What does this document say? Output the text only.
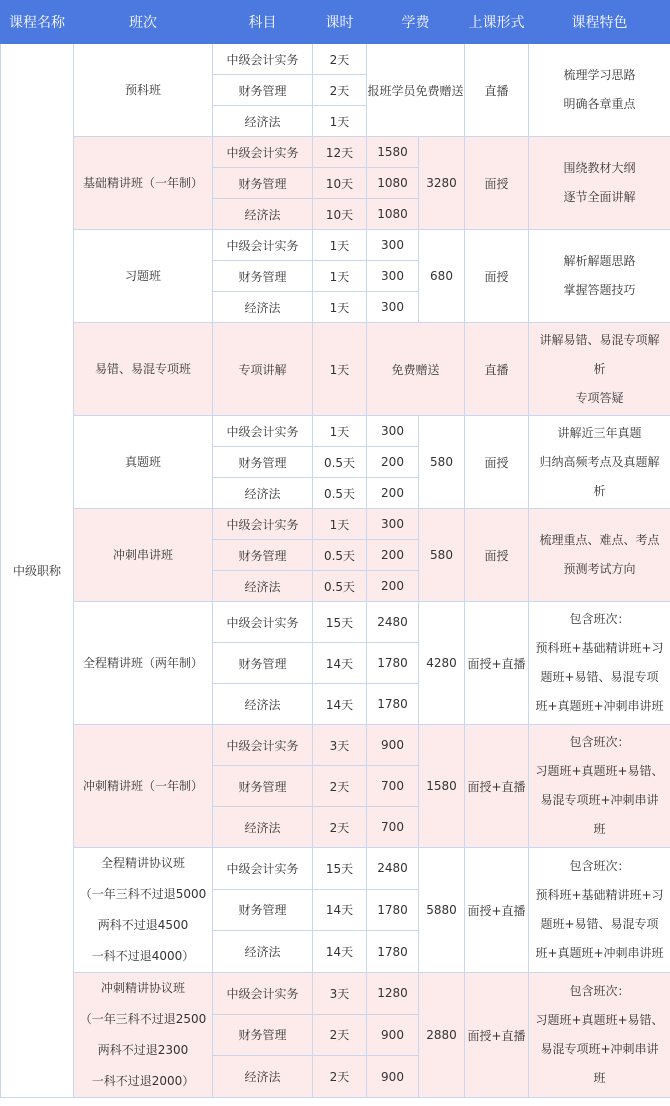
课程名称	班次	科目	课时	学费		上课形式	课程特色
中级职称	预科班	中级会计实务	2天	报班学员免费赠送		直播	梳理学习思路
明确各章重点

		财务管理	2天				
		经济法	1天				

	基础精讲班（一年制）	中级会计实务	12天	1580	3280	面授	围绕教材大纲
逐节全面讲解

		财务管理	10天	1080			
		经济法	10天	1080			

	习题班	中级会计实务	1天	300	680	面授	解析解题思路
掌握答题技巧

		财务管理	1天	300			
		经济法	1天	300			

	易错、易混专项班	专项讲解	1天	免费赠送		直播	讲解易错、易混专项解
析
专项答疑

	真题班	中级会计实务	1天	300	580	面授	讲解近三年真题
归纳高频考点及真题解
析

		财务管理	0.5天	200			
		经济法	0.5天	200			

	冲刺串讲班	中级会计实务	1天	300	580	面授	梳理重点、难点、考点
预测考试方向

		财务管理	0.5天	200			
		经济法	0.5天	200			

	全程精讲班（两年制）	中级会计实务	15天	2480	4280	面授+直播	包含班次：
预科班+基础精讲班+习
题班+易错、易混专项
班+真题班+冲刺串讲班

		财务管理	14天	1780			
		经济法	14天	1780			

	冲刺精讲班（一年制）	中级会计实务	3天	900	1580	面授+直播	包含班次：
习题班+真题班+易错、
易混专项班+冲刺串讲
班

		财务管理	2天	700			
		经济法	2天	700			

	全程精讲协议班
（一年三科不过退5000
两科不过退4500
一科不过退4000）	中级会计实务	15天	2480	5880	面授+直播	包含班次：
预科班+基础精讲班+习
题班+易错、易混专项
班+真题班+冲刺串讲班

		财务管理	14天	1780			
		经济法	14天	1780			

	冲刺精讲协议班
（一年三科不过退2500
两科不过退2300
一科不过退2000）	中级会计实务	3天	1280	2880	面授+直播	包含班次：
习题班+真题班+易错、
易混专项班+冲刺串讲
班

		财务管理	2天	900			
		经济法	2天	900			
